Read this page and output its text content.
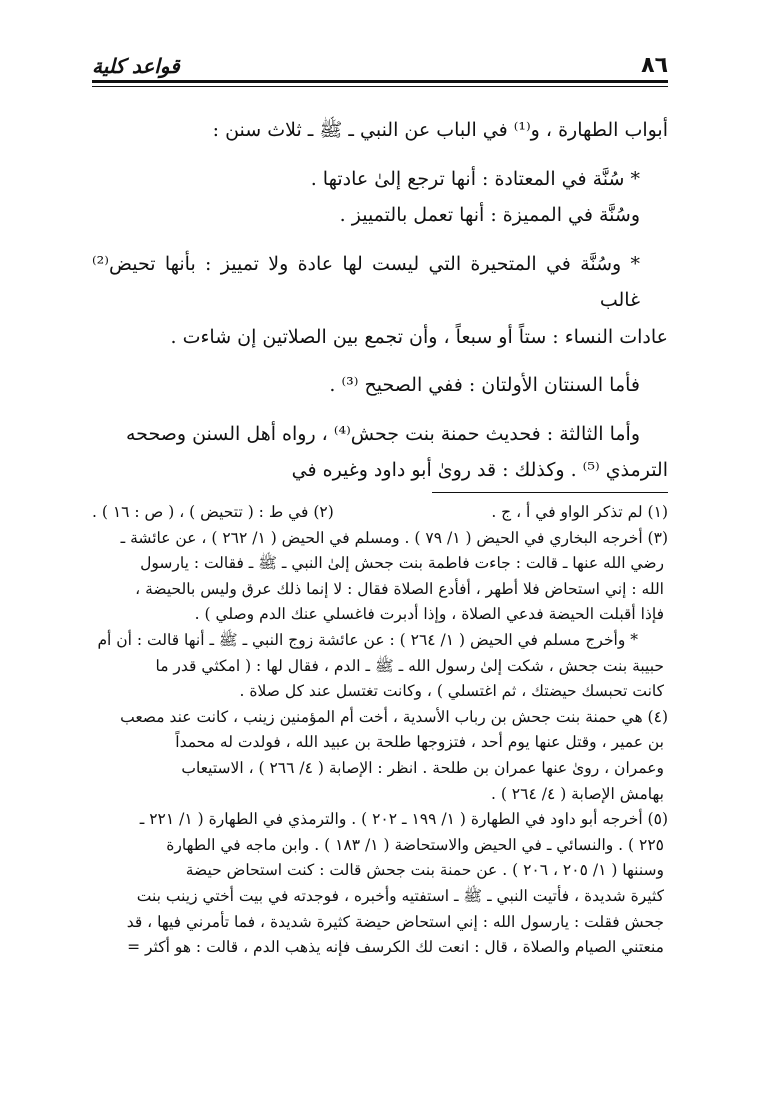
٨٦
قواعد كلية

أبواب الطهارة ، و⁽¹⁾ في الباب عن النبي ـ ﷺ ـ ثلاث سنن :

* سُنَّة في المعتادة : أنها ترجع إلىٰ عادتها .

وسُنَّة في المميزة : أنها تعمل بالتمييز .

* وسُنَّة في المتحيرة التي ليست لها عادة ولا تمييز : بأنها تحيض⁽²⁾ غالب

عادات النساء : ستاً أو سبعاً ، وأن تجمع بين الصلاتين إن شاءت .

فأما السنتان الأولتان : ففي الصحيح ⁽³⁾ .

وأما الثالثة : فحديث حمنة بنت جحش⁽⁴⁾ ، رواه أهل السنن وصححه

الترمذي ⁽⁵⁾ . وكذلك : قد روىٰ أبو داود وغيره في

(١) لم تذكر الواو في أ ، ج .
(٢) في ط : ( تتحيض ) ، ( ص : ١٦ ) .

(٣) أخرجه البخاري في الحيض ( ١/ ٧٩ ) . ومسلم في الحيض ( ١/ ٢٦٢ ) ، عن عائشة ـ

رضي الله عنها ـ قالت : جاءت فاطمة بنت جحش إلىٰ النبي ـ ﷺ ـ فقالت : يارسول

الله : إني استحاض فلا أطهر ، أفأدع الصلاة فقال : لا إنما ذلك عرق وليس بالحيضة ،

فإذا أقبلت الحيضة فدعي الصلاة ، وإذا أدبرت فاغسلي عنك الدم وصلي ) .

* وأخرج مسلم في الحيض ( ١/ ٢٦٤ ) : عن عائشة زوج النبي ـ ﷺ ـ أنها قالت : أن أم

حبيبة بنت جحش ، شكت إلىٰ رسول الله ـ ﷺ ـ الدم ، فقال لها : ( امكثي قدر ما

كانت تحبسك حيضتك ، ثم اغتسلي ) ، وكانت تغتسل عند كل صلاة .

(٤) هي حمنة بنت جحش بن رباب الأسدية ، أخت أم المؤمنين زينب ، كانت عند مصعب

بن عمير ، وقتل عنها يوم أحد ، فتزوجها طلحة بن عبيد الله ، فولدت له محمداً

وعمران ، روىٰ عنها عمران بن طلحة . انظر : الإصابة ( ٤/ ٢٦٦ ) ، الاستيعاب

بهامش الإصابة ( ٤/ ٢٦٤ ) .

(٥) أخرجه أبو داود في الطهارة ( ١/ ١٩٩ ـ ٢٠٢ ) . والترمذي في الطهارة ( ١/ ٢٢١ ـ

٢٢٥ ) . والنسائي ـ في الحيض والاستحاضة ( ١/ ١٨٣ ) . وابن ماجه في الطهارة

وسننها ( ١/ ٢٠٥ ، ٢٠٦ ) . عن حمنة بنت جحش قالت : كنت استحاض حيضة

كثيرة شديدة ، فأتيت النبي ـ ﷺ ـ استفتيه وأخبره ، فوجدته في بيت أختي زينب بنت

جحش فقلت : يارسول الله : إني استحاض حيضة كثيرة شديدة ، فما تأمرني فيها ، قد

منعتني الصيام والصلاة ، قال : انعت لك الكرسف فإنه يذهب الدم ، قالت : هو أكثر =
